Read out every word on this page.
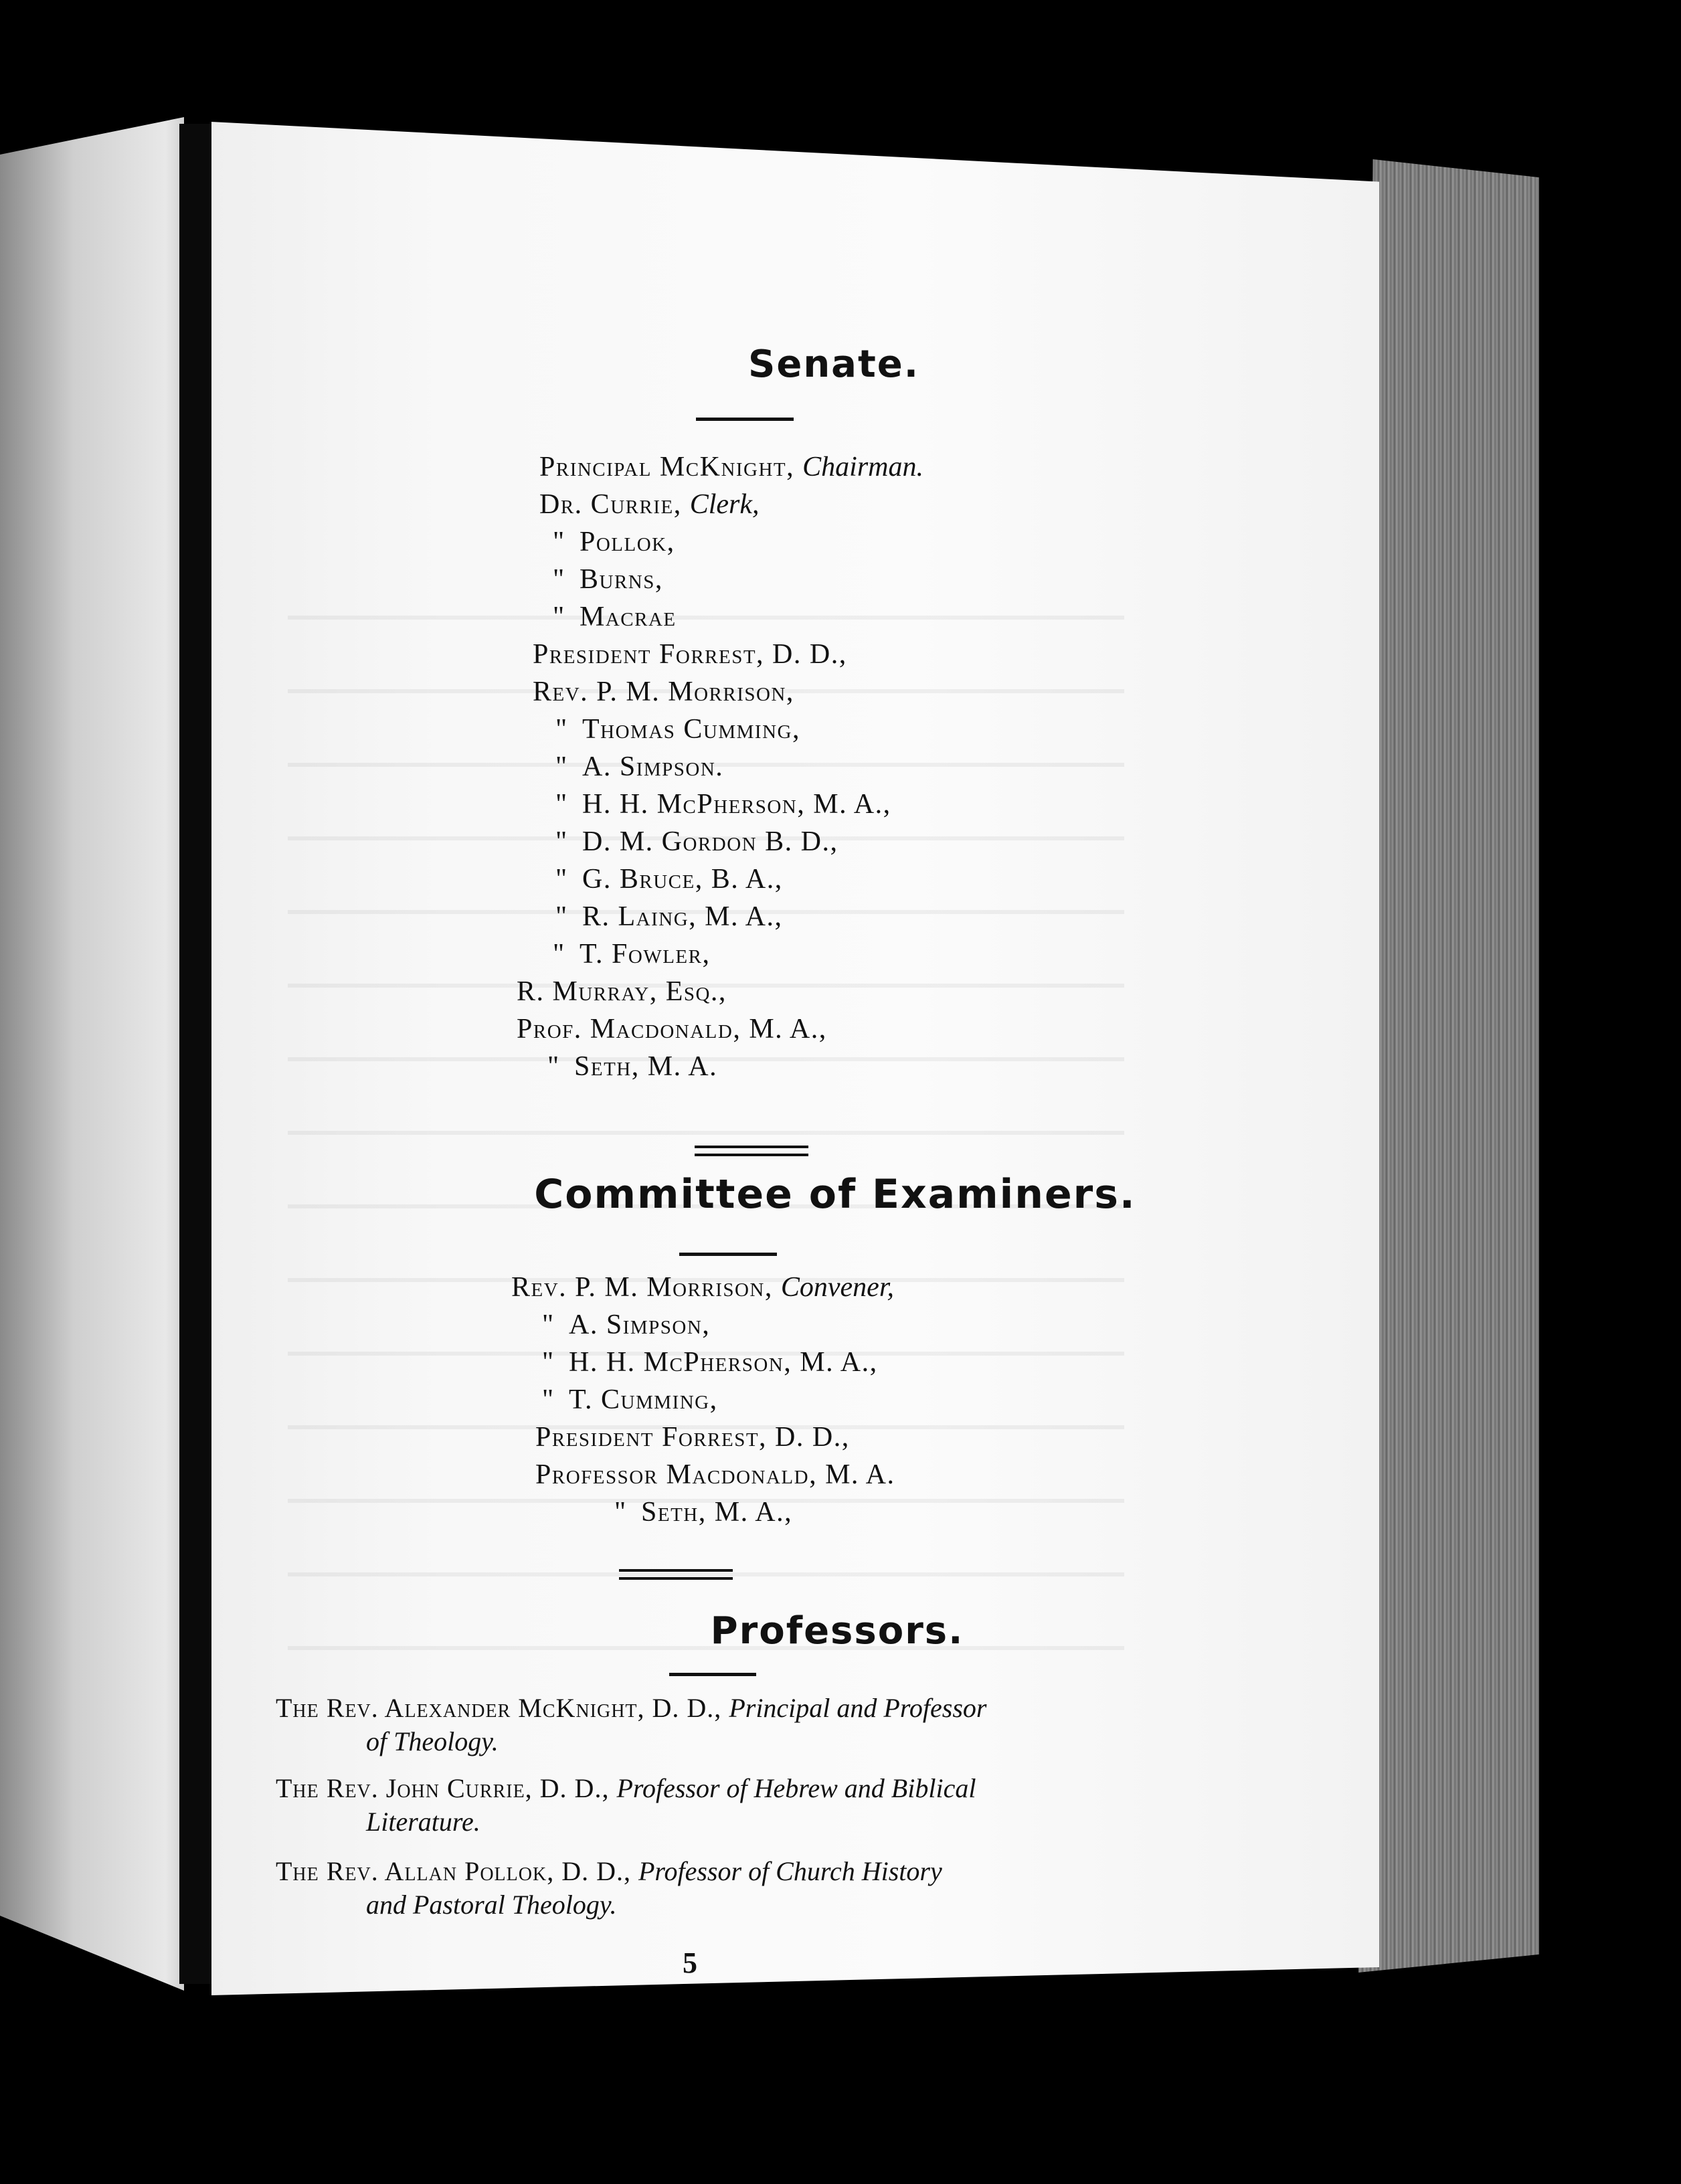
Senate.
Principal McKnight, Chairman.
Dr. Currie, Clerk,
" Pollok,
" Burns,
" Macrae
President Forrest, D. D.,
Rev. P. M. Morrison,
" Thomas Cumming,
" A. Simpson.
" H. H. McPherson, M. A.,
" D. M. Gordon B. D.,
" G. Bruce, B. A.,
" R. Laing, M. A.,
" T. Fowler,
R. Murray, Esq.,
Prof. Macdonald, M. A.,
" Seth, M. A.
Committee of Examiners.
Rev. P. M. Morrison, Convener,
" A. Simpson,
" H. H. McPherson, M. A.,
" T. Cumming,
President Forrest, D. D.,
Professor Macdonald, M. A.
" Seth, M. A.,
Professors.
The Rev. Alexander McKnight, D. D., Principal and Professor
of Theology.
The Rev. John Currie, D. D., Professor of Hebrew and Biblical
Literature.
The Rev. Allan Pollok, D. D., Professor of Church History
and Pastoral Theology.
5
